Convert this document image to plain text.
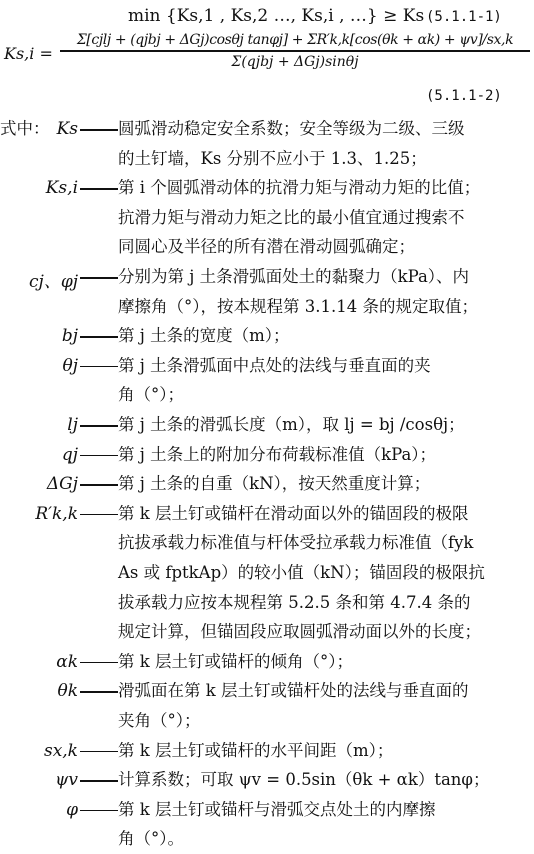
min {Ks,1 , Ks,2 …, Ks,i , …} ≥ Ks (5.1.1-1)
Ks,i =
Σ[cjlj + (qjbj + ΔGj)cosθj tanφj] + ΣR′k,k[cos(θk + αk) + ψv]/sx,k
Σ(qjbj + ΔGj)sinθj
(5.1.1-2)
式中： Ks 圆弧滑动稳定安全系数；安全等级为二级、三级
的土钉墙，Ks 分别不应小于 1.3、1.25；
Ks,i 第 i 个圆弧滑动体的抗滑力矩与滑动力矩的比值；
抗滑力矩与滑动力矩之比的最小值宜通过搜索不
同圆心及半径的所有潜在滑动圆弧确定；
cj、φj 分别为第 j 土条滑弧面处土的黏聚力（kPa）、内
摩擦角（°），按本规程第 3.1.14 条的规定取值；
bj 第 j 土条的宽度（m）；
θj 第 j 土条滑弧面中点处的法线与垂直面的夹
角（°）；
lj 第 j 土条的滑弧长度（m），取 lj = bj /cosθj；
qj 第 j 土条上的附加分布荷载标准值（kPa）；
ΔGj 第 j 土条的自重（kN），按天然重度计算；
R′k,k 第 k 层土钉或锚杆在滑动面以外的锚固段的极限
抗拔承载力标准值与杆体受拉承载力标准值（fyk
As 或 fptkAp）的较小值（kN）；锚固段的极限抗
拔承载力应按本规程第 5.2.5 条和第 4.7.4 条的
规定计算，但锚固段应取圆弧滑动面以外的长度；
αk 第 k 层土钉或锚杆的倾角（°）；
θk 滑弧面在第 k 层土钉或锚杆处的法线与垂直面的
夹角（°）；
sx,k 第 k 层土钉或锚杆的水平间距（m）；
ψv 计算系数；可取 ψv = 0.5sin（θk + αk）tanφ；
φ 第 k 层土钉或锚杆与滑弧交点处土的内摩擦
角（°）。
